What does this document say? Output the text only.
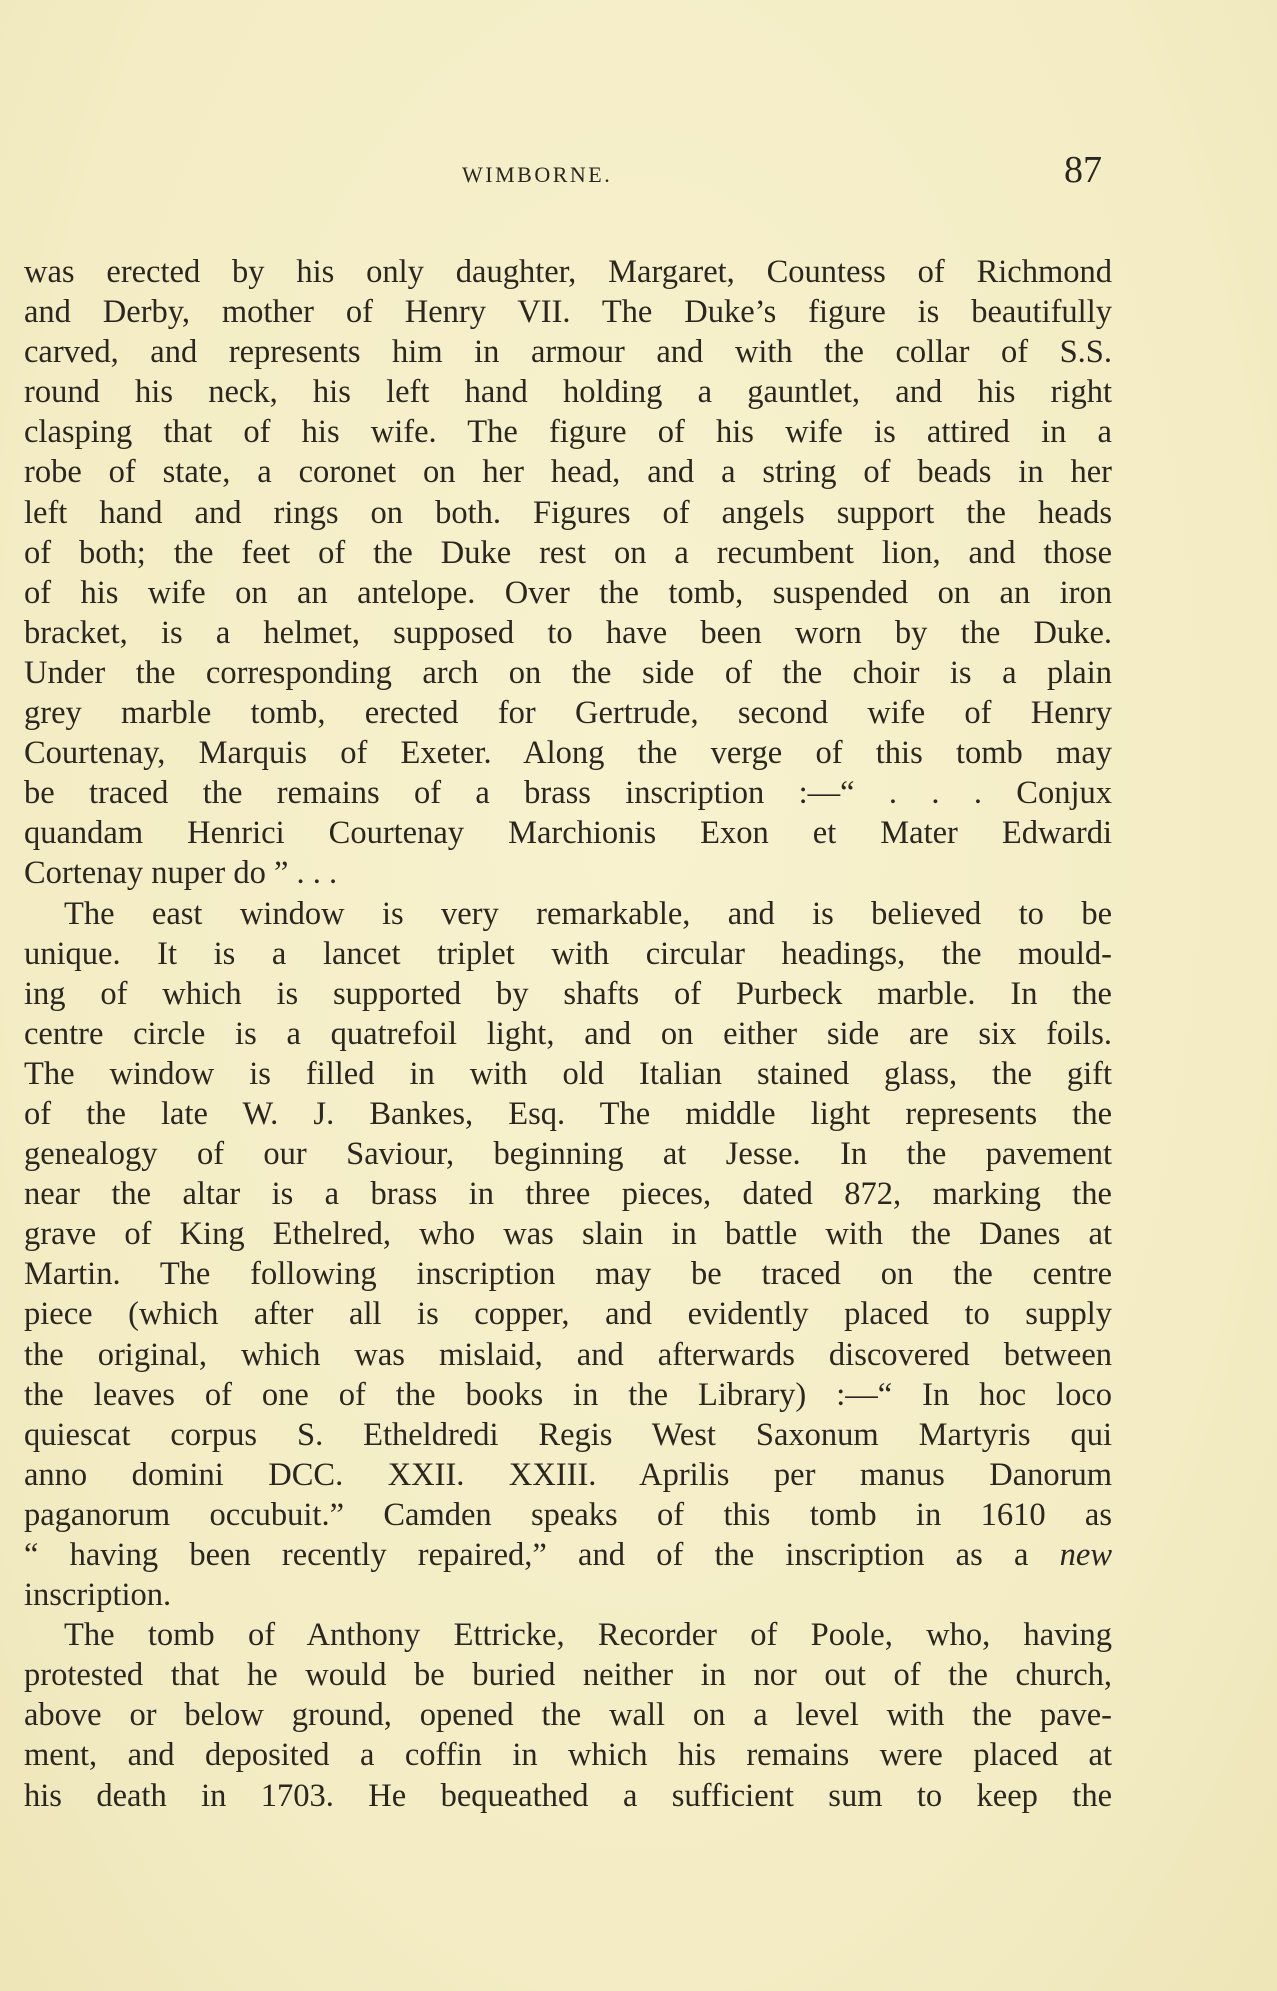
WIMBORNE.	87
was erected by his only daughter, Margaret, Countess of Richmond
and Derby, mother of Henry VII. The Duke’s figure is beautifully
carved, and represents him in armour and with the collar of S.S.
round his neck, his left hand holding a gauntlet, and his right
clasping that of his wife. The figure of his wife is attired in a
robe of state, a coronet on her head, and a string of beads in her
left hand and rings on both. Figures of angels support the heads
of both; the feet of the Duke rest on a recumbent lion, and those
of his wife on an antelope. Over the tomb, suspended on an iron
bracket, is a helmet, supposed to have been worn by the Duke.
Under the corresponding arch on the side of the choir is a plain
grey marble tomb, erected for Gertrude, second wife of Henry
Courtenay, Marquis of Exeter. Along the verge of this tomb may
be traced the remains of a brass inscription :—“ . . . Conjux
quandam Henrici Courtenay Marchionis Exon et Mater Edwardi
Cortenay nuper do ” . . .
The east window is very remarkable, and is believed to be
unique. It is a lancet triplet with circular headings, the mould-
ing of which is supported by shafts of Purbeck marble. In the
centre circle is a quatrefoil light, and on either side are six foils.
The window is filled in with old Italian stained glass, the gift
of the late W. J. Bankes, Esq. The middle light represents the
genealogy of our Saviour, beginning at Jesse. In the pavement
near the altar is a brass in three pieces, dated 872, marking the
grave of King Ethelred, who was slain in battle with the Danes at
Martin. The following inscription may be traced on the centre
piece (which after all is copper, and evidently placed to supply
the original, which was mislaid, and afterwards discovered between
the leaves of one of the books in the Library) :—“ In hoc loco
quiescat corpus S. Etheldredi Regis West Saxonum Martyris qui
anno domini DCC. XXII. XXIII. Aprilis per manus Danorum
paganorum occubuit.” Camden speaks of this tomb in 1610 as
“ having been recently repaired,” and of the inscription as a new
inscription.
The tomb of Anthony Ettricke, Recorder of Poole, who, having
protested that he would be buried neither in nor out of the church,
above or below ground, opened the wall on a level with the pave-
ment, and deposited a coffin in which his remains were placed at
his death in 1703. He bequeathed a sufficient sum to keep the
